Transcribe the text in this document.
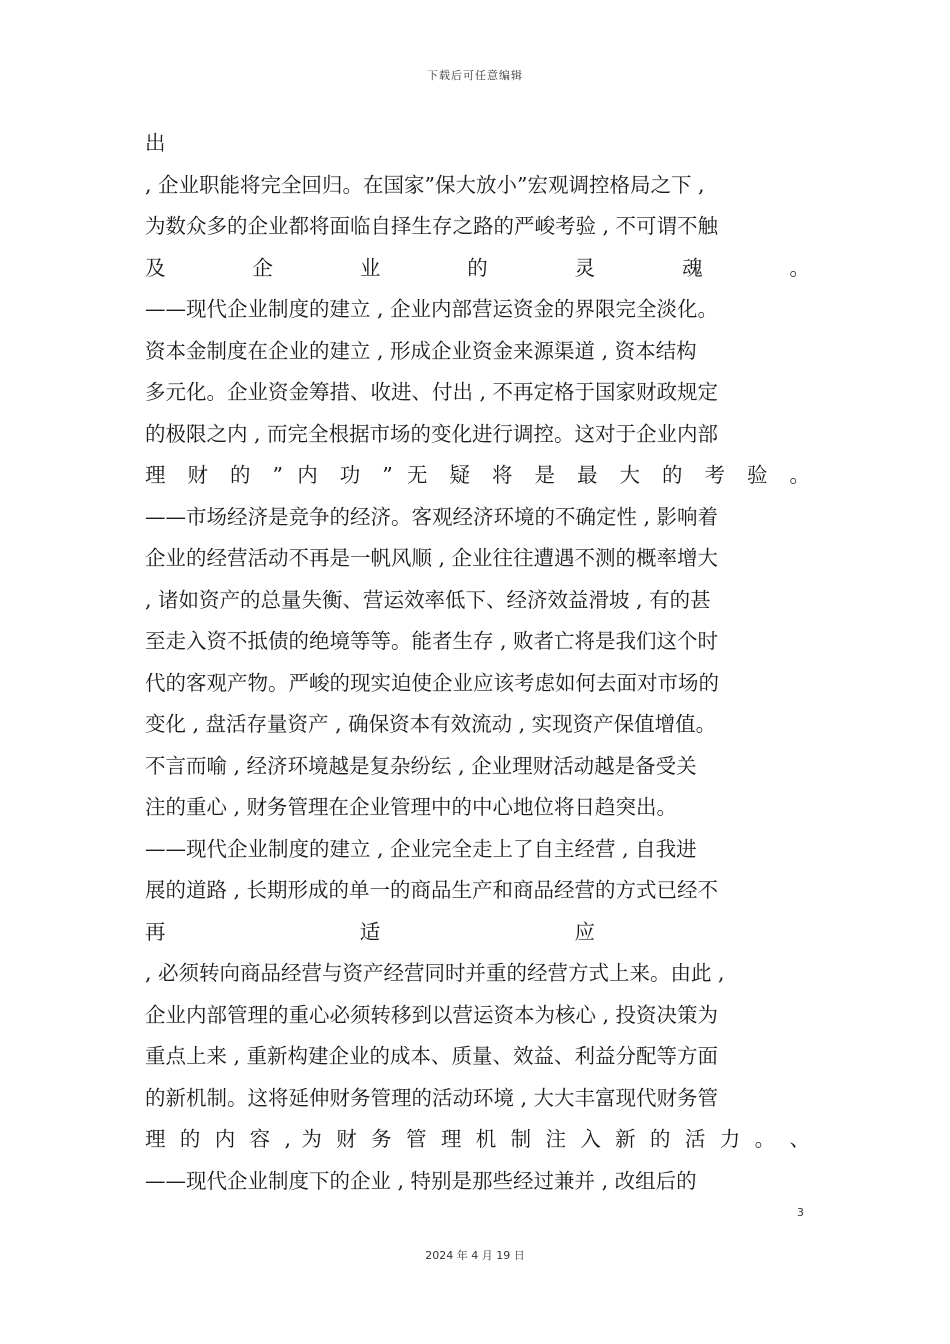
下载后可任意编辑
出
, 企业职能将完全回归。在国家”保大放小”宏观调控格局之下 ,
为数众多的企业都将面临自择生存之路的严峻考验 , 不可谓不触
及 企 业 的 灵 魂 。
——现代企业制度的建立 , 企业内部营运资金的界限完全淡化。
资本金制度在企业的建立 , 形成企业资金来源渠道 , 资本结构
多元化。企业资金筹措、收进、付出 , 不再定格于国家财政规定
的极限之内 , 而完全根据市场的变化进行调控。这对于企业内部
理 财 的 ” 内 功 ” 无 疑 将 是 最 大 的 考 验 。
——市场经济是竞争的经济。客观经济环境的不确定性 , 影响着
企业的经营活动不再是一帆风顺 , 企业往往遭遇不测的概率增大
, 诸如资产的总量失衡、营运效率低下、经济效益滑坡 , 有的甚
至走入资不抵债的绝境等等。能者生存 , 败者亡将是我们这个时
代的客观产物。严峻的现实迫使企业应该考虑如何去面对市场的
变化 , 盘活存量资产 , 确保资本有效流动 , 实现资产保值增值。
不言而喻 , 经济环境越是复杂纷纭 , 企业理财活动越是备受关
注的重心 , 财务管理在企业管理中的中心地位将日趋突出。
——现代企业制度的建立 , 企业完全走上了自主经营 , 自我进
展的道路 , 长期形成的单一的商品生产和商品经营的方式已经不
再 适 应
, 必须转向商品经营与资产经营同时并重的经营方式上来。由此 ,
企业内部管理的重心必须转移到以营运资本为核心 , 投资决策为
重点上来 , 重新构建企业的成本、质量、效益、利益分配等方面
的新机制。这将延伸财务管理的活动环境 , 大大丰富现代财务管
理 的 内 容 , 为 财 务 管 理 机 制 注 入 新 的 活 力 。 、
——现代企业制度下的企业 , 特别是那些经过兼并 , 改组后的
3
2024 年 4 月 19 日
